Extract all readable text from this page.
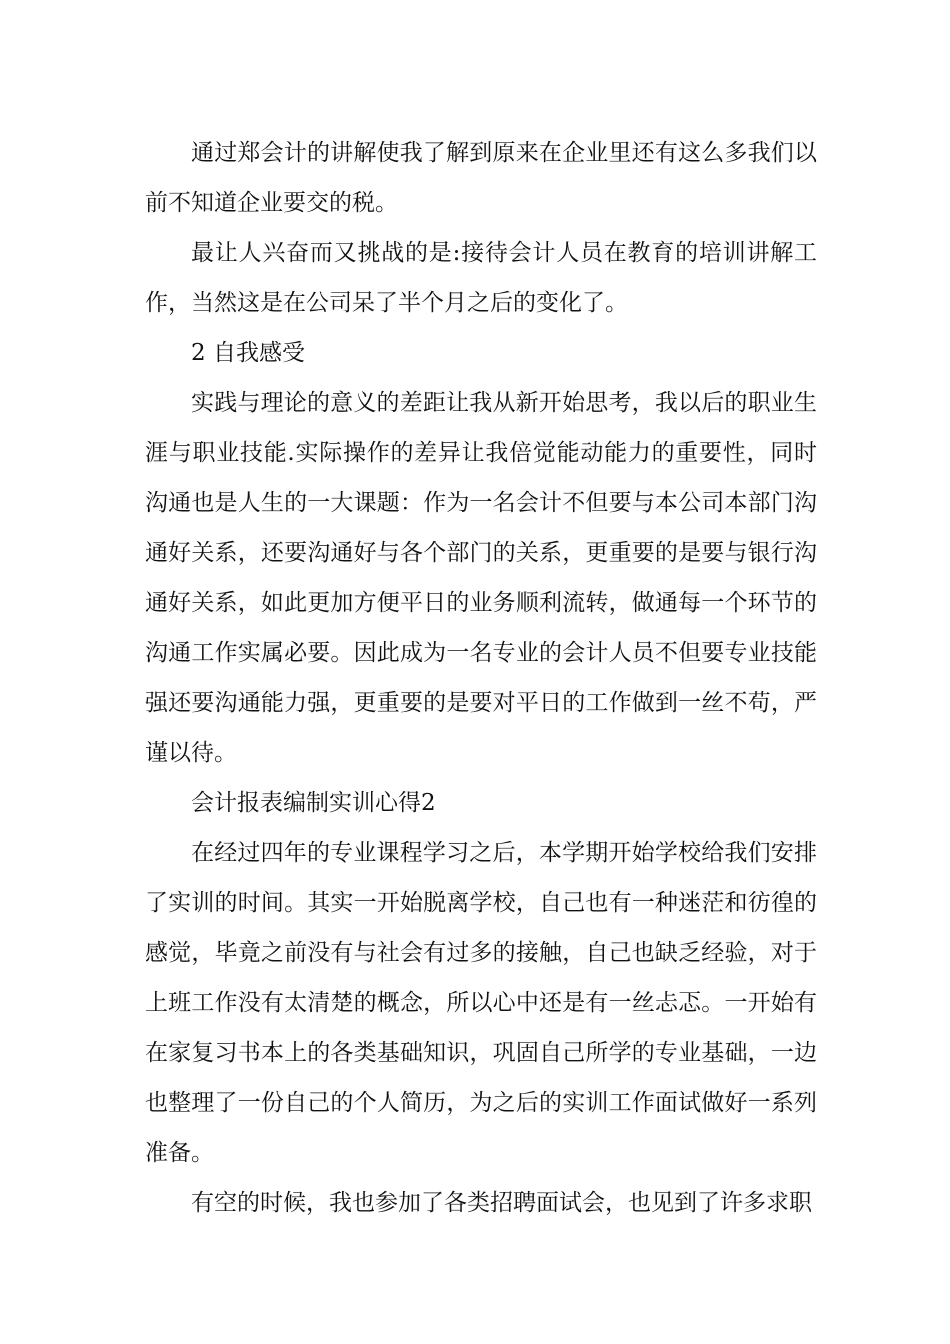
通过郑会计的讲解使我了解到原来在企业里还有这么多我们以前不知道企业要交的税。

最让人兴奋而又挑战的是:接待会计人员在教育的培训讲解工作，当然这是在公司呆了半个月之后的变化了。

2 自我感受

实践与理论的意义的差距让我从新开始思考，我以后的职业生涯与职业技能.实际操作的差异让我倍觉能动能力的重要性，同时沟通也是人生的一大课题：作为一名会计不但要与本公司本部门沟通好关系，还要沟通好与各个部门的关系，更重要的是要与银行沟通好关系，如此更加方便平日的业务顺利流转，做通每一个环节的沟通工作实属必要。因此成为一名专业的会计人员不但要专业技能强还要沟通能力强，更重要的是要对平日的工作做到一丝不苟，严谨以待。

会计报表编制实训心得2

在经过四年的专业课程学习之后，本学期开始学校给我们安排了实训的时间。其实一开始脱离学校，自己也有一种迷茫和彷徨的感觉，毕竟之前没有与社会有过多的接触，自己也缺乏经验，对于上班工作没有太清楚的概念，所以心中还是有一丝忐忑。一开始有在家复习书本上的各类基础知识，巩固自己所学的专业基础，一边也整理了一份自己的个人简历，为之后的实训工作面试做好一系列准备。

有空的时候，我也参加了各类招聘面试会，也见到了许多求职
